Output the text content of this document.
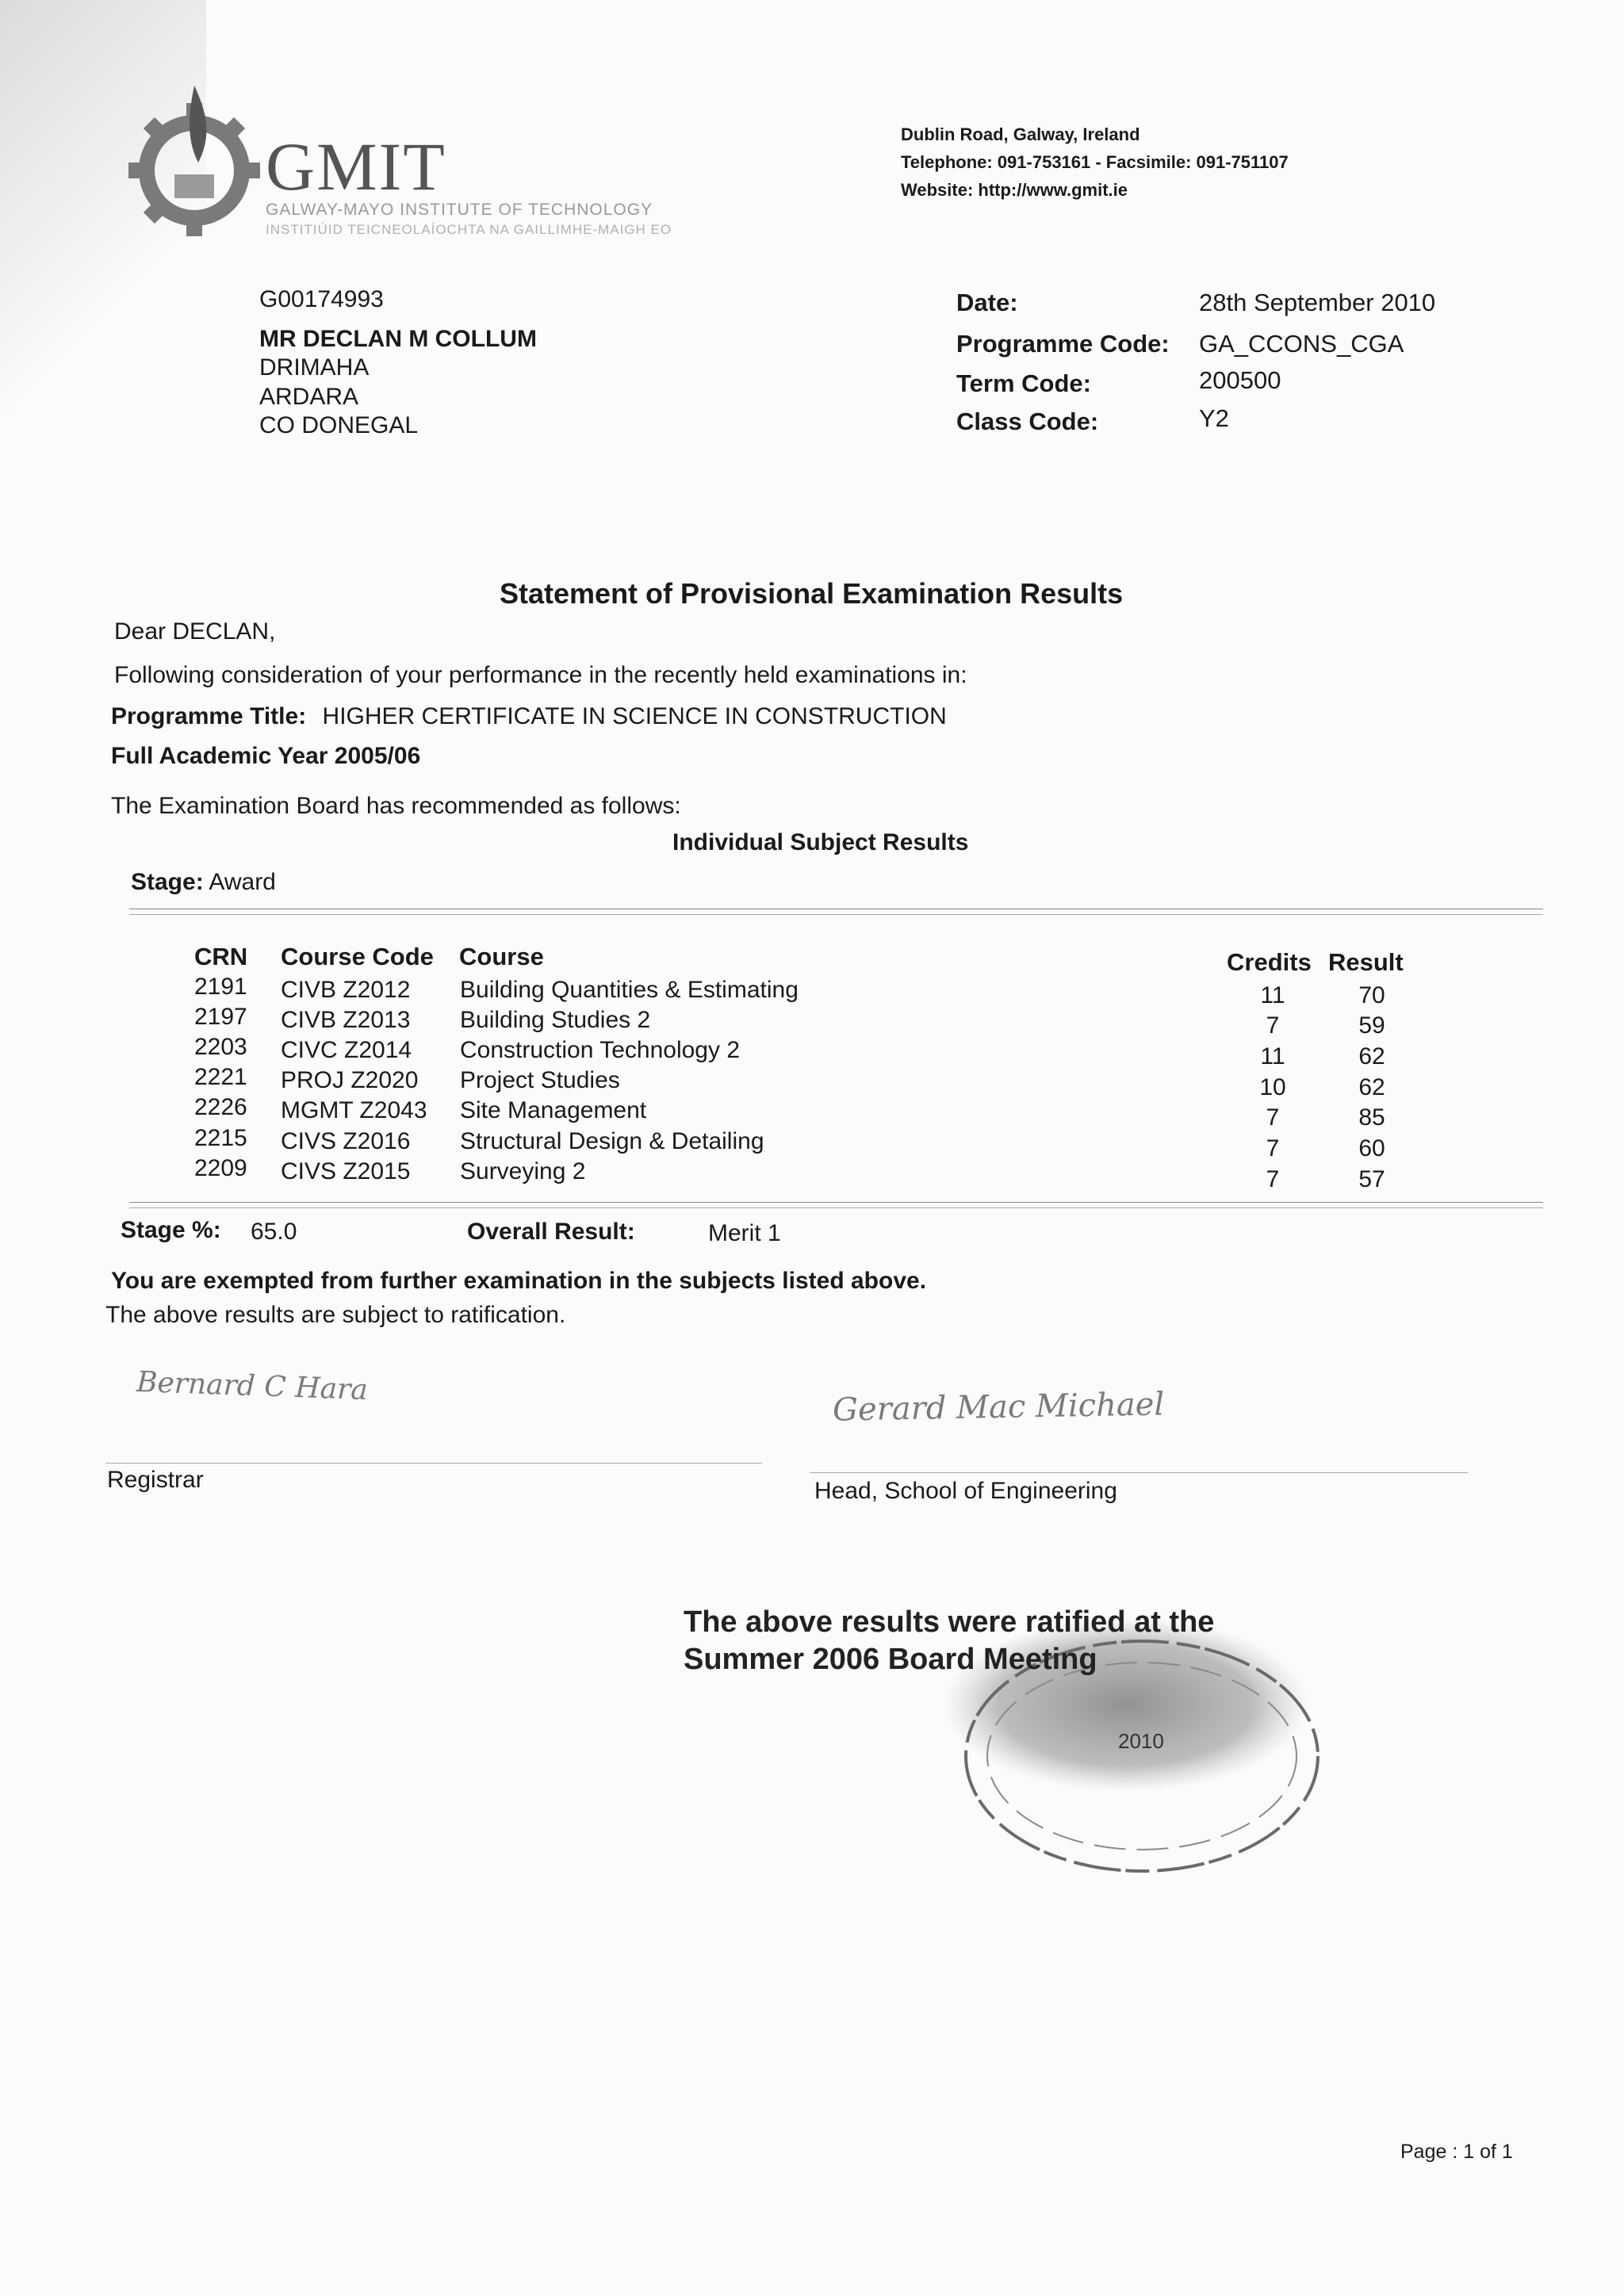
GMIT
GALWAY-MAYO INSTITUTE OF TECHNOLOGY
INSTITIÚID TEICNEOLAÍOCHTA NA GAILLIMHE-MAIGH EO
Dublin Road, Galway, Ireland
Telephone: 091-753161 - Facsimile: 091-751107
Website: http://www.gmit.ie
G00174993
MR DECLAN M COLLUM
DRIMAHA
ARDARA
CO DONEGAL
Date:	28th September 2010
Programme Code: GA_CCONS_CGA
Term Code:	200500
Class Code:	Y2
Statement of Provisional Examination Results
Dear DECLAN,
Following consideration of your performance in the recently held examinations in:
Programme Title: HIGHER CERTIFICATE IN SCIENCE IN CONSTRUCTION
Full Academic Year 2005/06
The Examination Board has recommended as follows:
Individual Subject Results
Stage: Award
CRN Course Code Course	Credits Result
2191 CIVB Z2012 Building Quantities & Estimating	11	70
2197 CIVB Z2013 Building Studies 2	7	59
2203 CIVC Z2014 Construction Technology 2	11	62
2221 PROJ Z2020 Project Studies	10	62
2226 MGMT Z2043 Site Management	7	85
2215 CIVS Z2016 Structural Design & Detailing	7	60
2209 CIVS Z2015 Surveying 2	7	57
Stage %: 65.0	Overall Result:	Merit 1
You are exempted from further examination in the subjects listed above.
The above results are subject to ratification.
Bernard C Hara
Registrar
Gerard Mac Michael
Head, School of Engineering
2010
The above results were ratified at the
Summer 2006 Board Meeting
Page : 1 of 1
